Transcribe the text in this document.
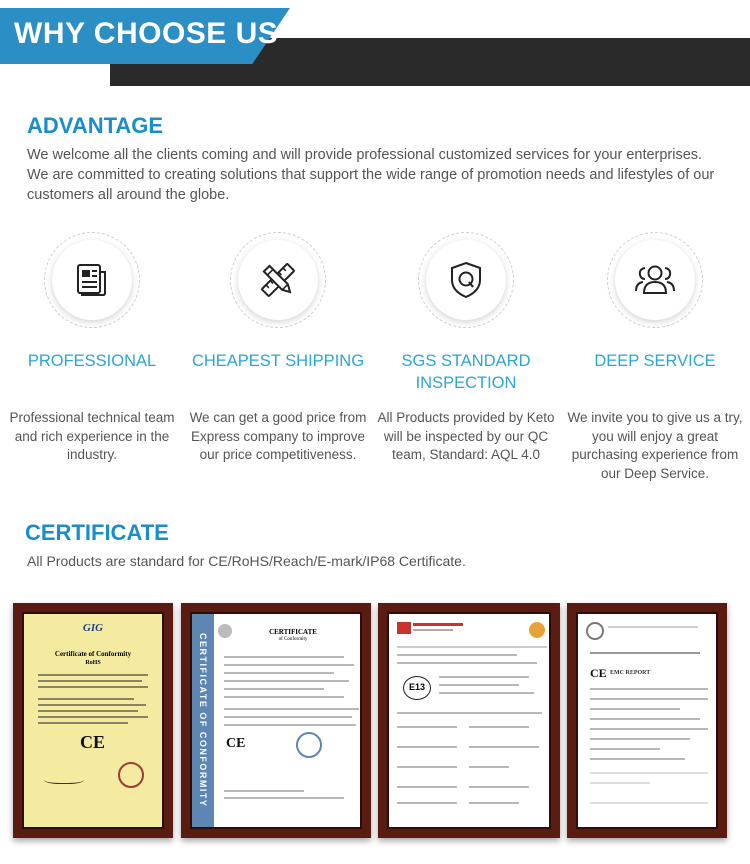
WHY CHOOSE US
ADVANTAGE
We welcome all the clients coming and will provide professional customized services for your enterprises. We are committed to creating solutions that support the wide range of promotion needs and lifestyles of our customers all around the globe.
PROFESSIONAL
Professional technical team and rich experience in the industry.
CHEAPEST SHIPPING
We can get a good price from Express company to improve our price competitiveness.
SGS STANDARD INSPECTION
All Products provided by Keto will be inspected by our QC team, Standard: AQL 4.0
DEEP SERVICE
We invite you to give us a try, you will enjoy a great purchasing experience from our Deep Service.
CERTIFICATE
All Products are standard for CE/RoHS/Reach/E-mark/IP68 Certificate.
GIG
Certificate of Conformity
RoHS
CE	CERTIFICATE OF CONFORMITY
CERTIFICATE
of Conformity
CE
E13
CE EMC REPORT
